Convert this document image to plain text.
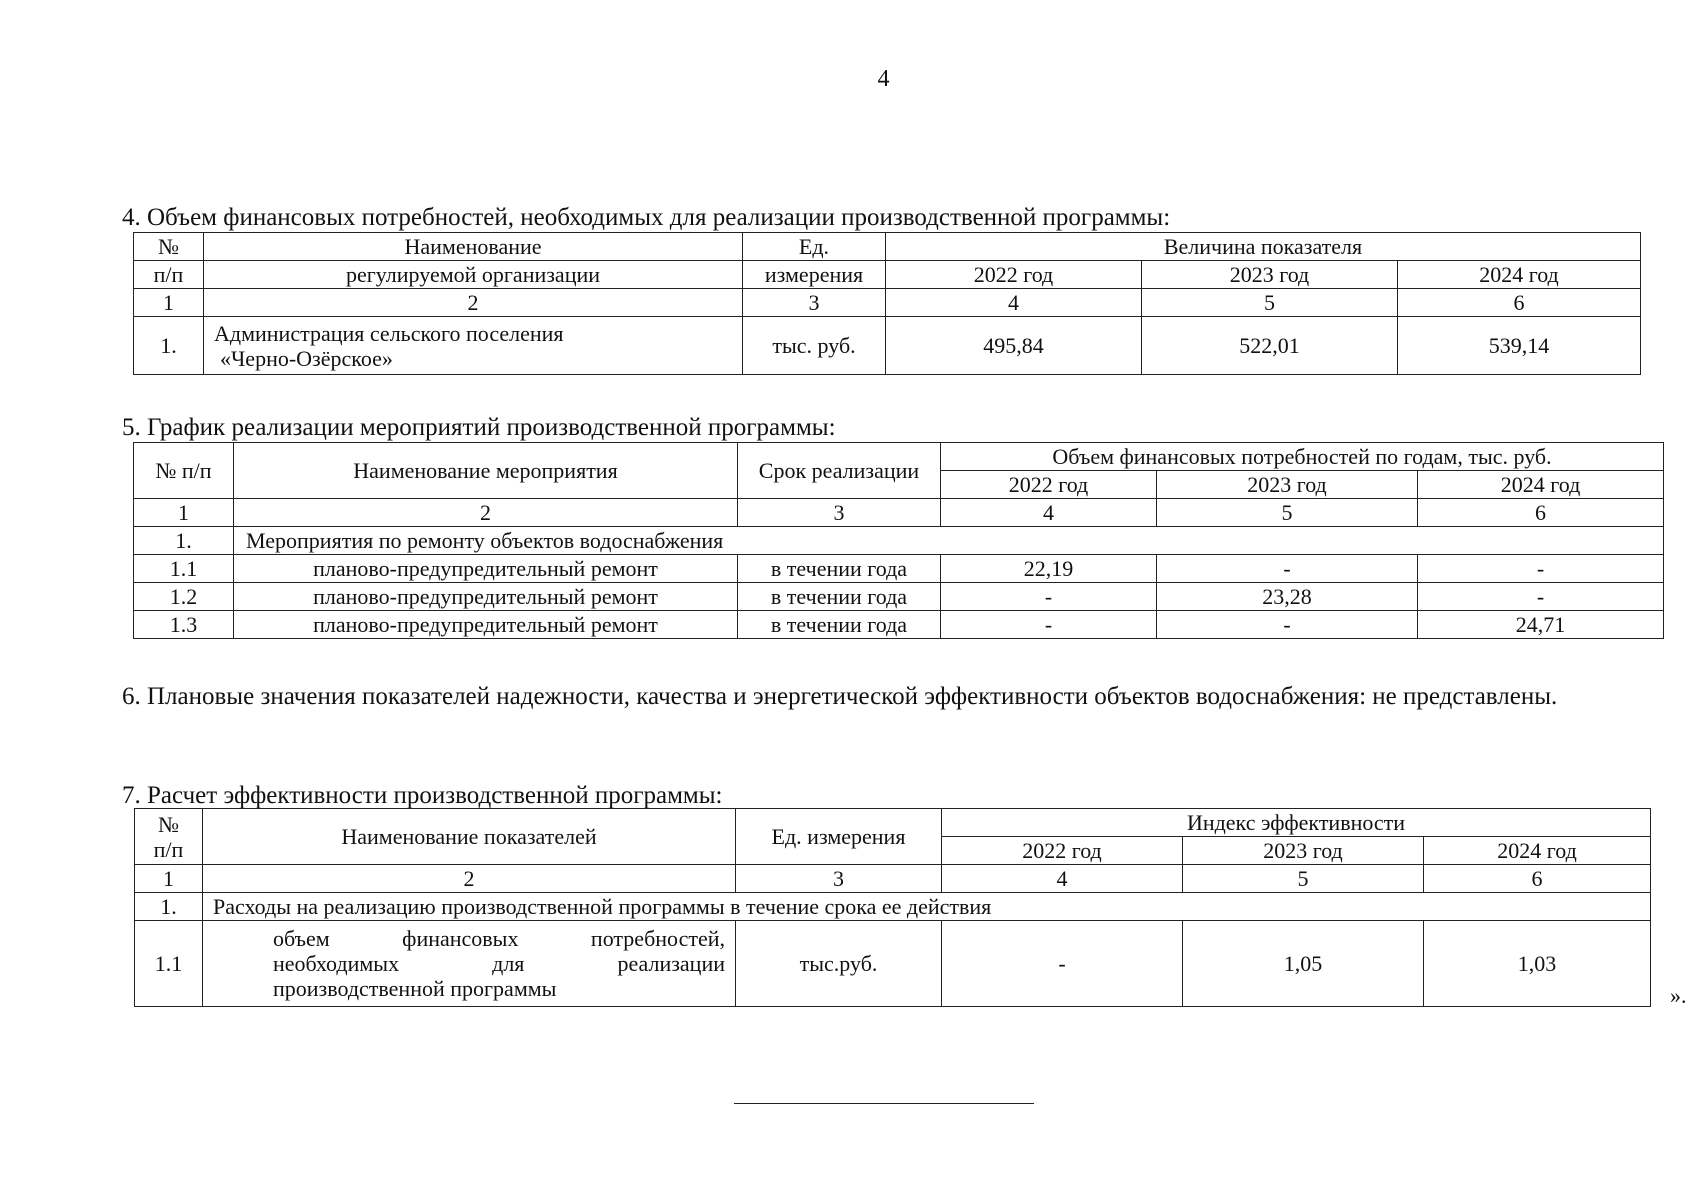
4
4. Объем финансовых потребностей, необходимых для реализации производственной программы:
№	Наименование	Ед.	Величина показателя		
п/п	регулируемой организации	измерения	2022 год	2023 год	2024 год
1	2	3	4	5	6
1.	Администрация сельского поселения
«Черно-Озёрское»	тыс. руб.	495,84	522,01	539,14
5. График реализации мероприятий производственной программы:
№ п/п	Наименование мероприятия	Срок реализации	Объем финансовых потребностей по годам, тыс. руб.		
			2022 год	2023 год	2024 год
1	2	3	4	5	6
1.	Мероприятия по ремонту объектов водоснабжения				
1.1	планово-предупредительный ремонт	в течении года	22,19	-	-
1.2	планово-предупредительный ремонт	в течении года	-	23,28	-
1.3	планово-предупредительный ремонт	в течении года	-	-	24,71
6. Плановые значения показателей надежности, качества и энергетической эффективности объектов водоснабжения: не представлены.
7. Расчет эффективности производственной программы:
№
п/п	Наименование показателей	Ед. измерения	Индекс эффективности		
			2022 год	2023 год	2024 год
1	2	3	4	5	6
1.	Расходы на реализацию производственной программы в течение срока ее действия				
1.1	объем финансовых потребностей,
необходимых для реализации
производственной программы	тыс.руб.	-	1,05	1,03
».
